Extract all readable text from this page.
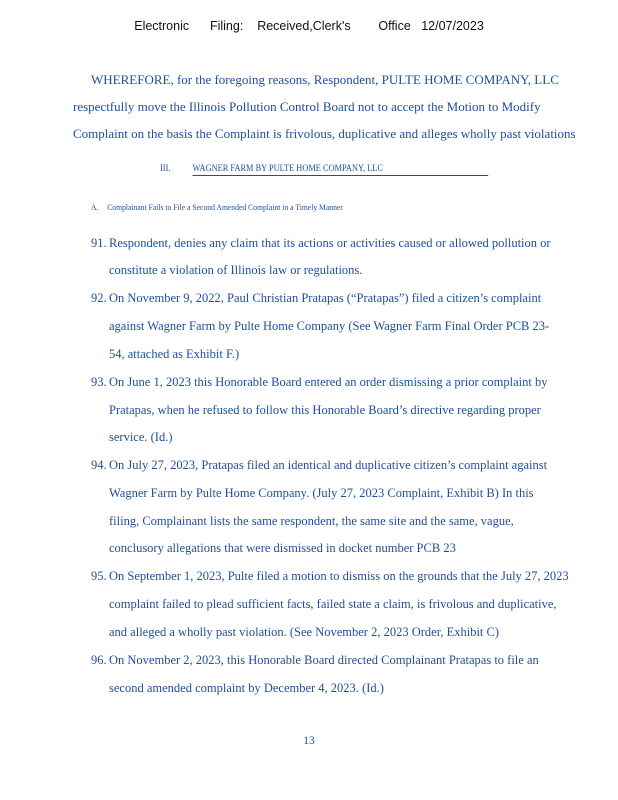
Electronic      Filing:    Received,Clerk's        Office   12/07/2023
WHEREFORE, for the foregoing reasons, Respondent, PULTE HOME COMPANY, LLC
respectfully move the Illinois Pollution Control Board not to accept the Motion to Modify
Complaint on the basis the Complaint is frivolous, duplicative and alleges wholly past violations
III. WAGNER FARM BY PULTE HOME COMPANY, LLC
A. Complainant Fails to File a Second Amended Complaint in a Timely Manner
91. Respondent, denies any claim that its actions or activities caused or allowed pollution or
constitute a violation of Illinois law or regulations.
92. On November 9, 2022, Paul Christian Pratapas (“Pratapas”) filed a citizen’s complaint
against Wagner Farm by Pulte Home Company (See Wagner Farm Final Order PCB 23-
54, attached as Exhibit F.)
93. On June 1, 2023 this Honorable Board entered an order dismissing a prior complaint by
Pratapas, when he refused to follow this Honorable Board’s directive regarding proper
service. (Id.)
94. On July 27, 2023, Pratapas filed an identical and duplicative citizen’s complaint against
Wagner Farm by Pulte Home Company. (July 27, 2023 Complaint, Exhibit B) In this
filing, Complainant lists the same respondent, the same site and the same, vague,
conclusory allegations that were dismissed in docket number PCB 23
95. On September 1, 2023, Pulte filed a motion to dismiss on the grounds that the July 27, 2023
complaint failed to plead sufficient facts, failed state a claim, is frivolous and duplicative,
and alleged a wholly past violation. (See November 2, 2023 Order, Exhibit C)
96. On November 2, 2023, this Honorable Board directed Complainant Pratapas to file an
second amended complaint by December 4, 2023. (Id.)
13
